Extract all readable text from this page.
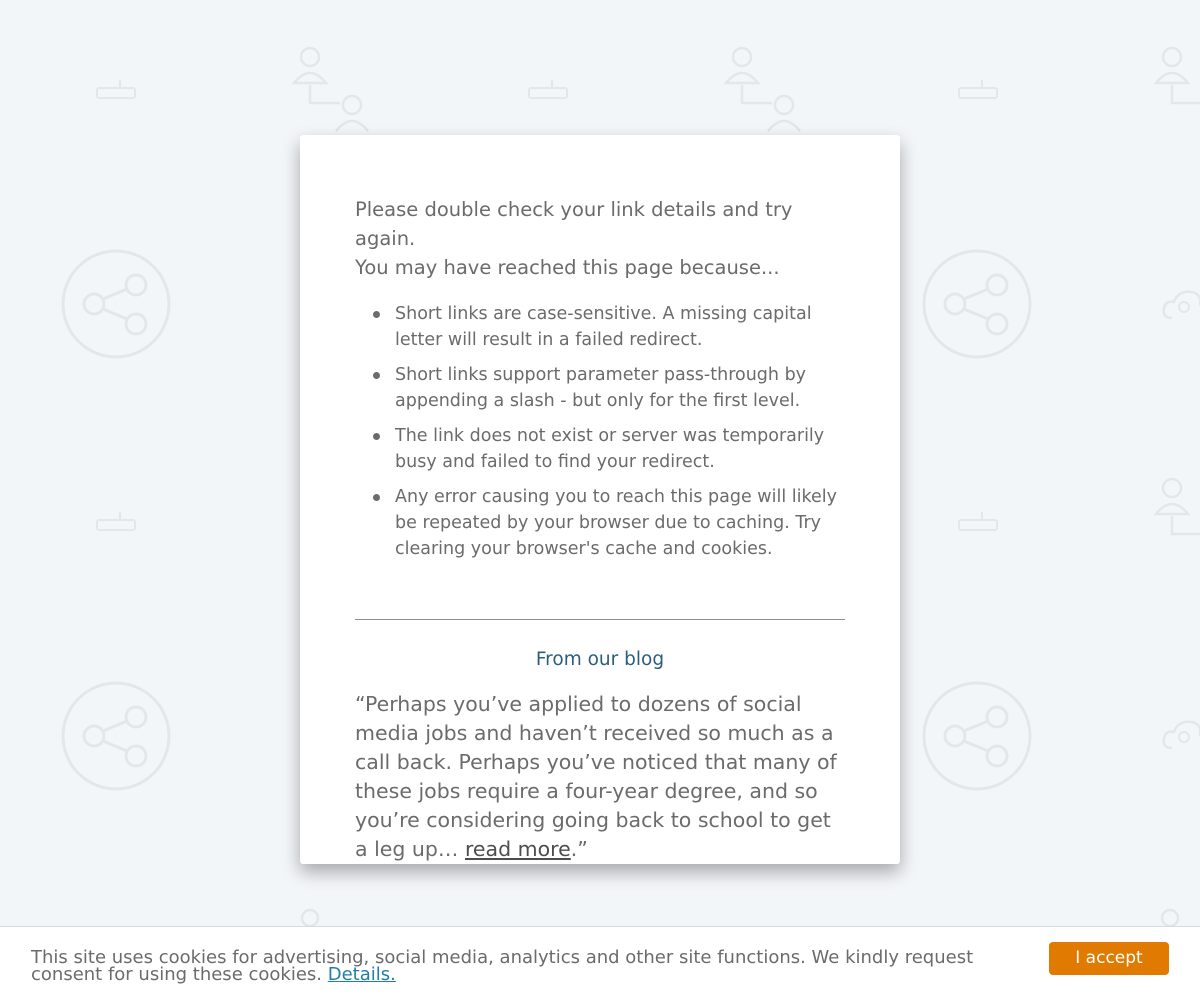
Please double check your link details and try again.
You may have reached this page because...

Short links are case-sensitive. A missing capital letter will result in a failed redirect.
Short links support parameter pass-through by appending a slash - but only for the first level.
The link does not exist or server was temporarily busy and failed to find your redirect.
Any error causing you to reach this page will likely be repeated by your browser due to caching. Try clearing your browser's cache and cookies.
From our blog

“Perhaps you’ve applied to dozens of social media jobs and haven’t received so much as a call back. Perhaps you’ve noticed that many of these jobs require a four-year degree, and so you’re considering going back to school to get a leg up… read more.”

This site uses cookies for advertising, social media, analytics and other site functions. We kindly request consent for using these cookies. Details.
I accept
